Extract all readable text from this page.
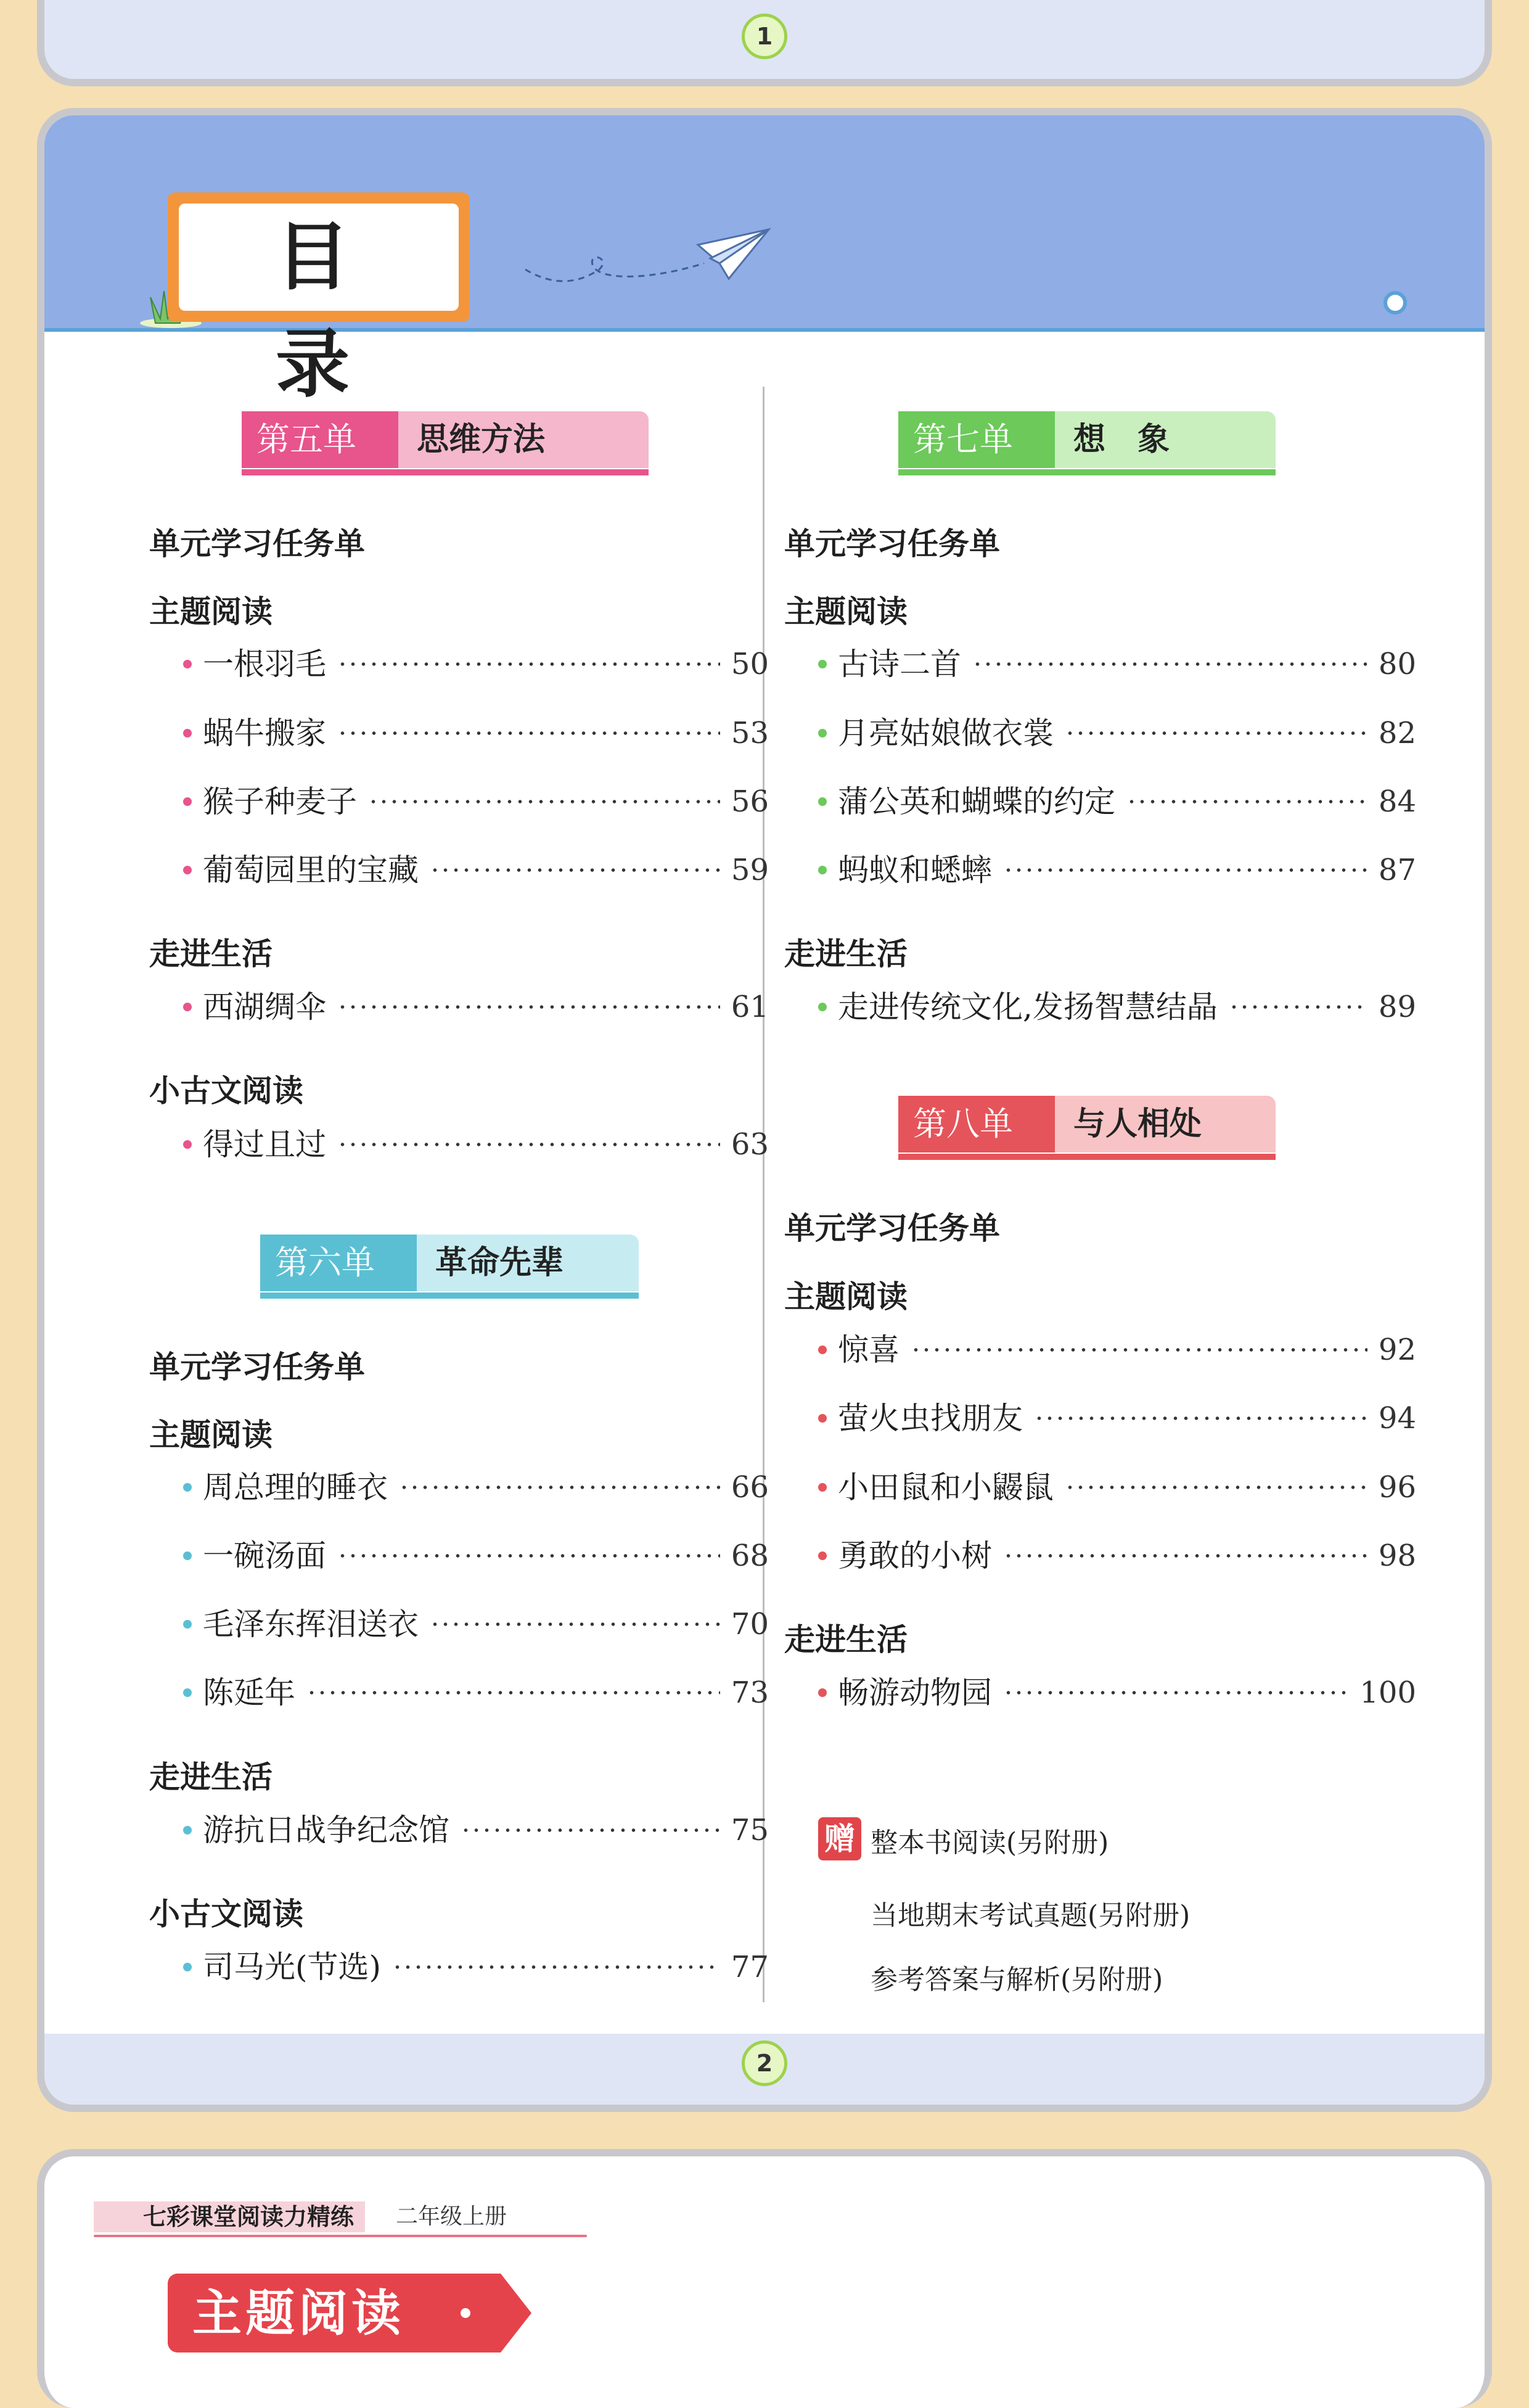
1
目 录
第五单元
思维方法
单元学习任务单
主题阅读
一根羽毛	50
蜗牛搬家	53
猴子种麦子	56
葡萄园里的宝藏	59
走进生活
西湖绸伞	61
小古文阅读
得过且过	63
第六单元
革命先辈
单元学习任务单
主题阅读
周总理的睡衣	66
一碗汤面	68
毛泽东挥泪送衣	70
陈延年	73
走进生活
游抗日战争纪念馆	75
小古文阅读
司马光(节选)	77
第七单元
想　象
单元学习任务单
主题阅读
古诗二首	80
月亮姑娘做衣裳	82
蒲公英和蝴蝶的约定	84
蚂蚁和蟋蟀	87
走进生活
走进传统文化,发扬智慧结晶	89
第八单元
与人相处
单元学习任务单
主题阅读
惊喜	92
萤火虫找朋友	94
小田鼠和小鼹鼠	96
勇敢的小树	98
走进生活
畅游动物园	100
赠 整本书阅读(另附册)
当地期末考试真题(另附册)
参考答案与解析(另附册)
2
七彩课堂阅读力精练	二年级上册
主题阅读
